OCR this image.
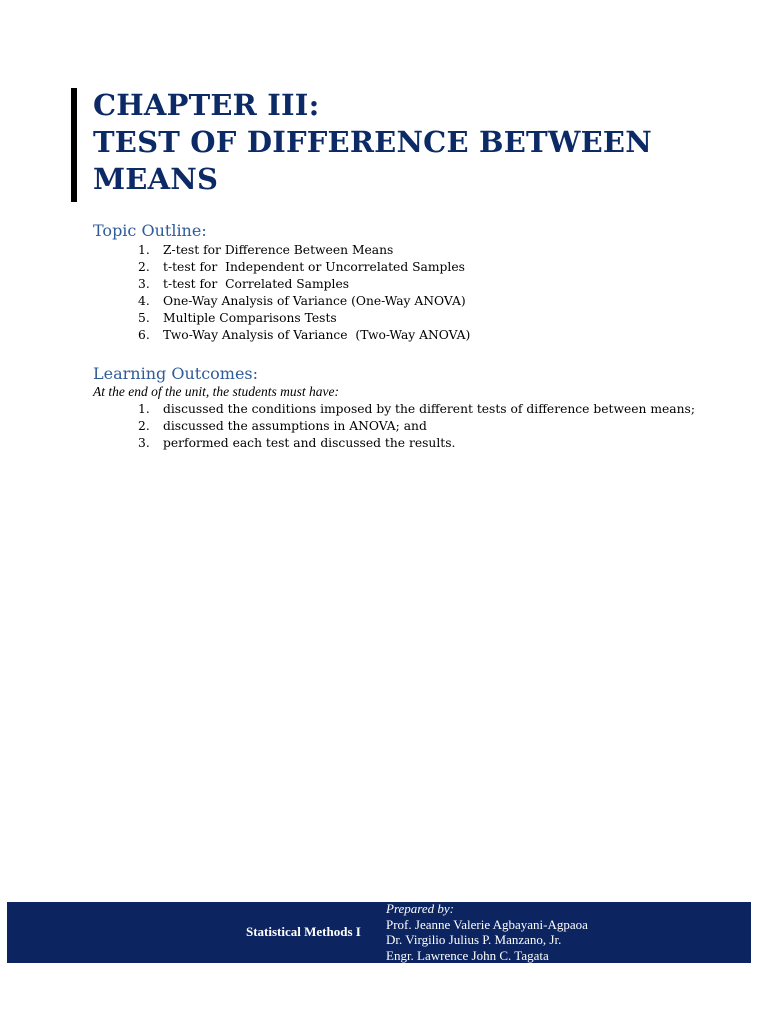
CHAPTER III:
TEST OF DIFFERENCE BETWEEN
MEANS
Topic Outline:
1.	Z-test for Difference Between Means
2.	t-test for  Independent or Uncorrelated Samples
3.	t-test for  Correlated Samples
4.	One-Way Analysis of Variance (One-Way ANOVA)
5.	Multiple Comparisons Tests
6.	Two-Way Analysis of Variance  (Two-Way ANOVA)
Learning Outcomes:

At the end of the unit, the students must have:

1.	discussed the conditions imposed by the different tests of difference between means;
2.	discussed the assumptions in ANOVA; and
3.	performed each test and discussed the results.
Statistical Methods I
Prepared by:
Prof. Jeanne Valerie Agbayani-Agpaoa
Dr. Virgilio Julius P. Manzano, Jr.
Engr. Lawrence John C. Tagata
